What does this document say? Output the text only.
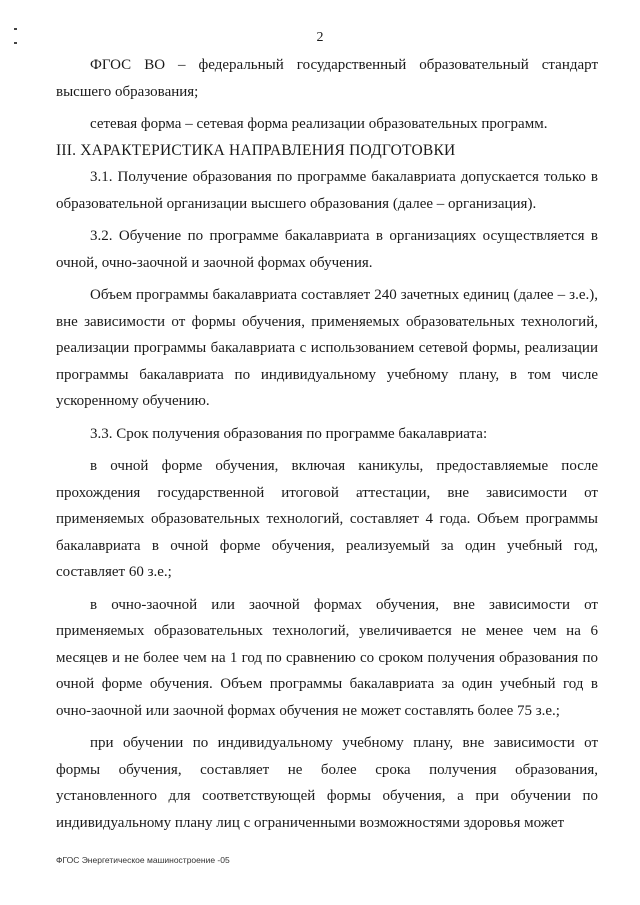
2

ФГОС ВО – федеральный государственный образовательный стандарт высшего образования;

сетевая форма – сетевая форма реализации образовательных программ.

III. ХАРАКТЕРИСТИКА НАПРАВЛЕНИЯ ПОДГОТОВКИ

3.1. Получение образования по программе бакалавриата допускается только в образовательной организации высшего образования (далее – организация).

3.2. Обучение по программе бакалавриата в организациях осуществляется в очной, очно-заочной и заочной формах обучения.

Объем программы бакалавриата составляет 240 зачетных единиц (далее – з.е.), вне зависимости от формы обучения, применяемых образовательных технологий, реализации программы бакалавриата с использованием сетевой формы, реализации программы бакалавриата по индивидуальному учебному плану, в том числе ускоренному обучению.

3.3. Срок получения образования по программе бакалавриата:

в очной форме обучения, включая каникулы, предоставляемые после прохождения государственной итоговой аттестации, вне зависимости от применяемых образовательных технологий, составляет 4 года. Объем программы бакалавриата в очной форме обучения, реализуемый за один учебный год, составляет 60 з.е.;

в очно-заочной или заочной формах обучения, вне зависимости от применяемых образовательных технологий, увеличивается не менее чем на 6 месяцев и не более чем на 1 год по сравнению со сроком получения образования по очной форме обучения. Объем программы бакалавриата за один учебный год в очно-заочной или заочной формах обучения не может составлять более 75 з.е.;

при обучении по индивидуальному учебному плану, вне зависимости от формы обучения, составляет не более срока получения образования, установленного для соответствующей формы обучения, а при обучении по индивидуальному плану лиц с ограниченными возможностями здоровья может

ФГОС Энергетическое машиностроение -05
